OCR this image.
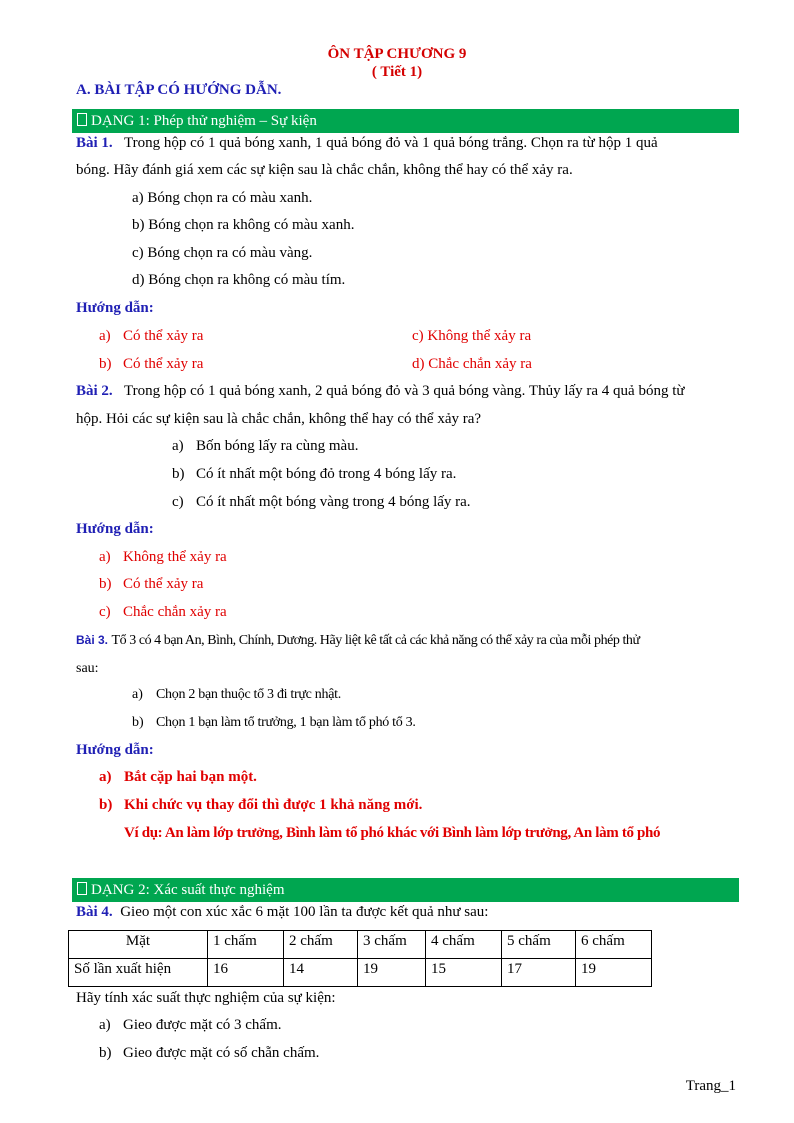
ÔN TẬP CHƯƠNG 9
( Tiết 1)
A. BÀI TẬP CÓ HƯỚNG DẪN.
DẠNG 1: Phép thử nghiệm – Sự kiện
Bài 1. Trong hộp có 1 quả bóng xanh, 1 quả bóng đỏ và 1 quả bóng trắng. Chọn ra từ hộp 1 quả
bóng. Hãy đánh giá xem các sự kiện sau là chắc chắn, không thể hay có thể xảy ra.
a) Bóng chọn ra có màu xanh.
b) Bóng chọn ra không có màu xanh.
c) Bóng chọn ra có màu vàng.
d) Bóng chọn ra không có màu tím.
Hướng dẫn:
a) Có thể xảy ra	c) Không thể xảy ra
b) Có thể xảy ra	d) Chắc chắn xảy ra
Bài 2. Trong hộp có 1 quả bóng xanh, 2 quả bóng đỏ và 3 quả bóng vàng. Thủy lấy ra 4 quả bóng từ
hộp. Hỏi các sự kiện sau là chắc chắn, không thể hay có thể xảy ra?
a) Bốn bóng lấy ra cùng màu.
b) Có ít nhất một bóng đỏ trong 4 bóng lấy ra.
c) Có ít nhất một bóng vàng trong 4 bóng lấy ra.
Hướng dẫn:
a) Không thể xảy ra
b) Có thể xảy ra
c) Chắc chắn xảy ra
Bài 3. Tổ 3 có 4 bạn An, Bình, Chính, Dương. Hãy liệt kê tất cả các khả năng có thể xảy ra của mỗi phép thử
sau:
a) Chọn 2 bạn thuộc tổ 3 đi trực nhật.
b) Chọn 1 bạn làm tổ trưởng, 1 bạn làm tổ phó tổ 3.
Hướng dẫn:
a) Bắt cặp hai bạn một.
b) Khi chức vụ thay đổi thì được 1 khả năng mới.
Ví dụ: An làm lớp trưởng, Bình làm tổ phó khác với Bình làm lớp trưởng, An làm tổ phó
DẠNG 2: Xác suất thực nghiệm
Bài 4. Gieo một con xúc xắc 6 mặt 100 lần ta được kết quả như sau:
Mặt	1 chấm	2 chấm	3 chấm	4 chấm	5 chấm	6 chấm
Số lần xuất hiện	16	14	19	15	17	19
Hãy tính xác suất thực nghiệm của sự kiện:
a) Gieo được mặt có 3 chấm.
b) Gieo được mặt có số chẵn chấm.
Trang_1
